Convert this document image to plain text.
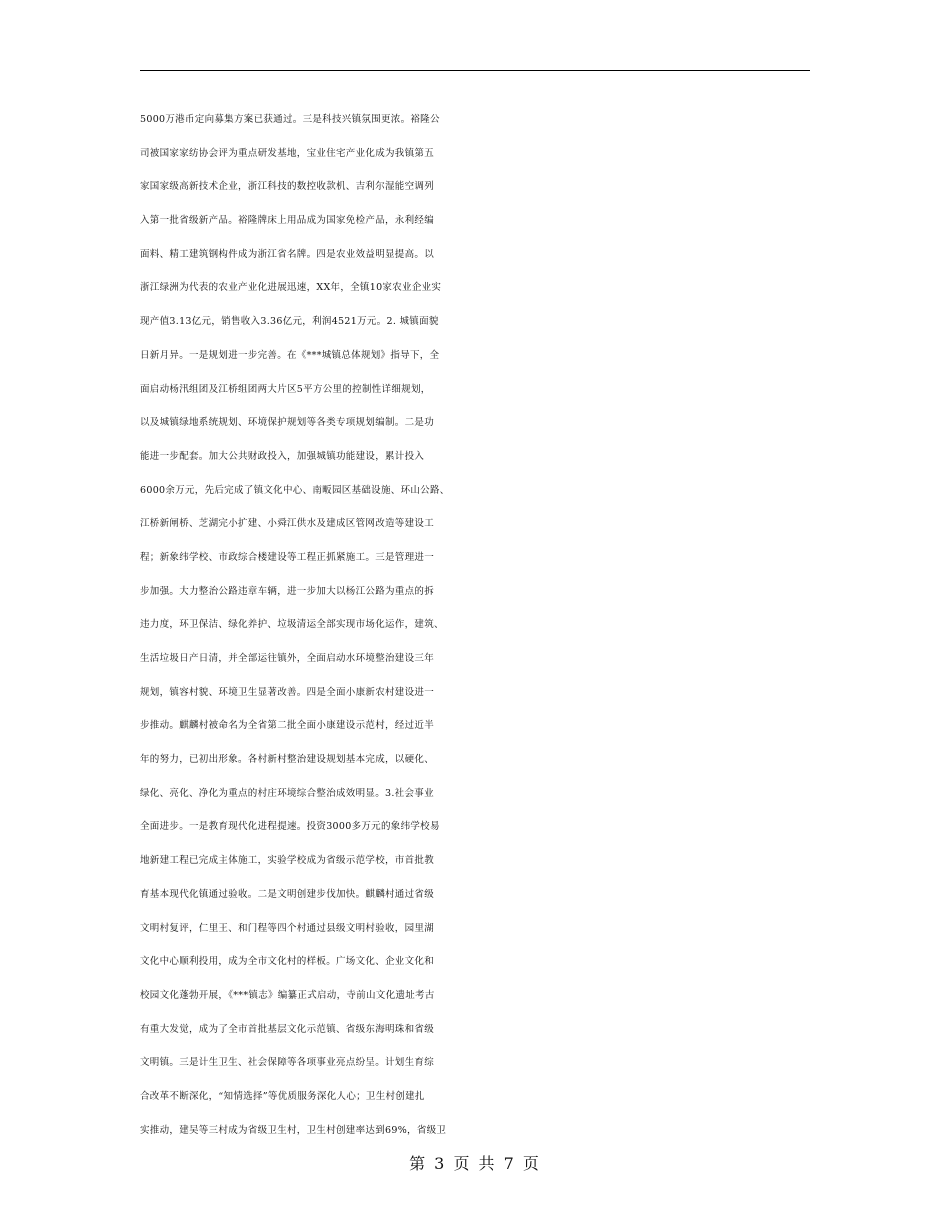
5000万港币定向募集方案已获通过。三是科技兴镇氛围更浓。裕隆公
司被国家家纺协会评为重点研发基地，宝业住宅产业化成为我镇第五
家国家级高新技术企业，浙江科技的数控收款机、吉利尔湿能空调列
入第一批省级新产品。裕隆牌床上用品成为国家免检产品，永利经编
面料、精工建筑钢构件成为浙江省名牌。四是农业效益明显提高。以
浙江绿洲为代表的农业产业化进展迅速，XX年，全镇10家农业企业实
现产值3.13亿元，销售收入3.36亿元，利润4521万元。2. 城镇面貌
日新月异。一是规划进一步完善。在《***城镇总体规划》指导下，全
面启动杨汛组团及江桥组团两大片区5平方公里的控制性详细规划，
以及城镇绿地系统规划、环境保护规划等各类专项规划编制。二是功
能进一步配套。加大公共财政投入，加强城镇功能建设，累计投入
6000余万元，先后完成了镇文化中心、南畈园区基础设施、环山公路、
江桥新闸桥、芝湖完小扩建、小舜江供水及建成区管网改造等建设工
程；新象纬学校、市政综合楼建设等工程正抓紧施工。三是管理进一
步加强。大力整治公路违章车辆，进一步加大以杨江公路为重点的拆
违力度，环卫保洁、绿化养护、垃圾清运全部实现市场化运作，建筑、
生活垃圾日产日清，并全部运往镇外，全面启动水环境整治建设三年
规划，镇容村貌、环境卫生显著改善。四是全面小康新农村建设进一
步推动。麒麟村被命名为全省第二批全面小康建设示范村，经过近半
年的努力，已初出形象。各村新村整治建设规划基本完成，以硬化、
绿化、亮化、净化为重点的村庄环境综合整治成效明显。3.社会事业
全面进步。一是教育现代化进程提速。投资3000多万元的象纬学校易
地新建工程已完成主体施工，实验学校成为省级示范学校，市首批教
育基本现代化镇通过验收。二是文明创建步伐加快。麒麟村通过省级
文明村复评，仁里王、和门程等四个村通过县级文明村验收，园里湖
文化中心顺利投用，成为全市文化村的样板。广场文化、企业文化和
校园文化蓬勃开展，《***镇志》编纂正式启动，寺前山文化遗址考古
有重大发觉，成为了全市首批基层文化示范镇、省级东海明珠和省级
文明镇。三是计生卫生、社会保障等各项事业亮点纷呈。计划生育综
合改革不断深化，“知情选择”等优质服务深化人心；卫生村创建扎
实推动，建吴等三村成为省级卫生村，卫生村创建率达到69%，省级卫
第 3 页 共 7 页
